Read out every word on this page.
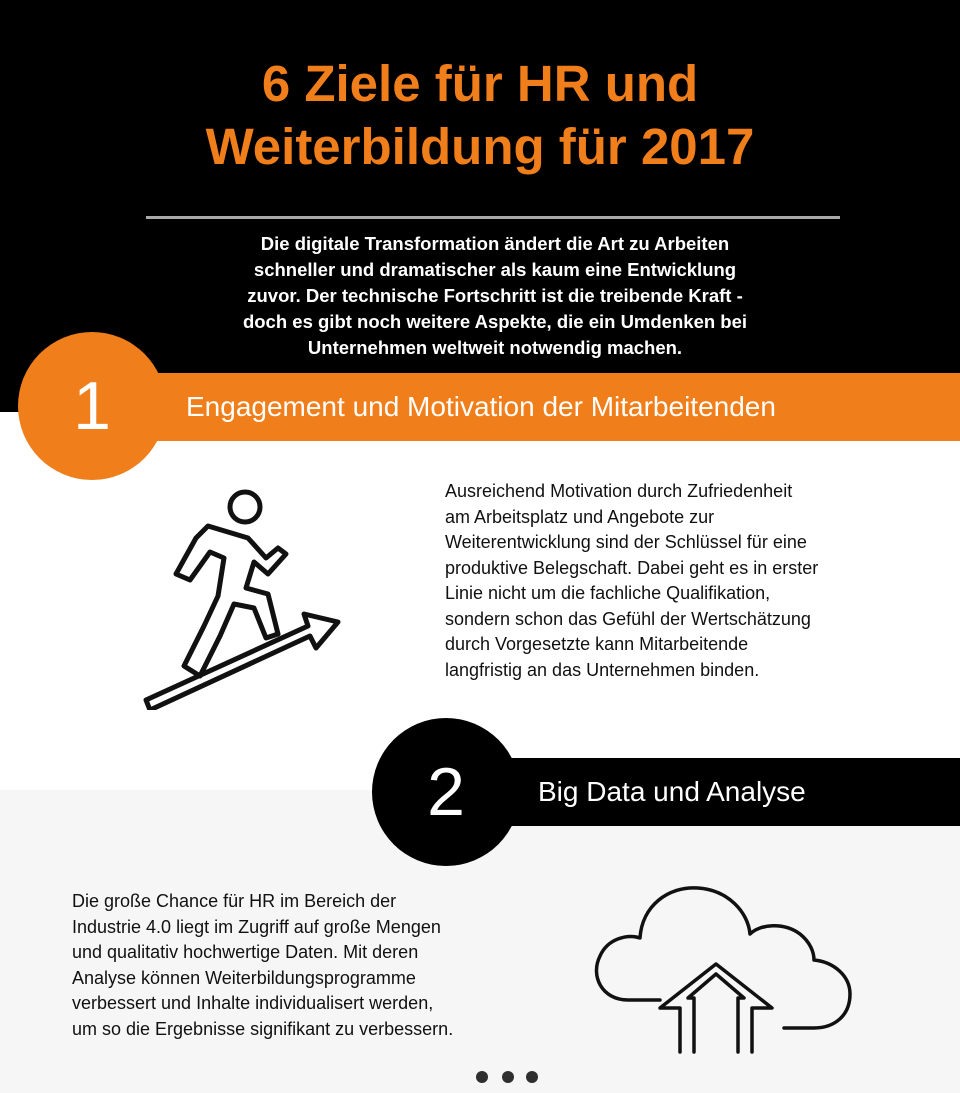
6 Ziele für HR und
Weiterbildung für 2017
Die digitale Transformation ändert die Art zu Arbeiten
schneller und dramatischer als kaum eine Entwicklung
zuvor. Der technische Fortschritt ist die treibende Kraft -
doch es gibt noch weitere Aspekte, die ein Umdenken bei
Unternehmen weltweit notwendig machen.
Engagement und Motivation der Mitarbeitenden
1
Ausreichend Motivation durch Zufriedenheit
am Arbeitsplatz und Angebote zur
Weiterentwicklung sind der Schlüssel für eine
produktive Belegschaft. Dabei geht es in erster
Linie nicht um die fachliche Qualifikation,
sondern schon das Gefühl der Wertschätzung
durch Vorgesetzte kann Mitarbeitende
langfristig an das Unternehmen binden.
Big Data und Analyse
2
Die große Chance für HR im Bereich der
Industrie 4.0 liegt im Zugriff auf große Mengen
und qualitativ hochwertige Daten. Mit deren
Analyse können Weiterbildungsprogramme
verbessert und Inhalte individualisert werden,
um so die Ergebnisse signifikant zu verbessern.
